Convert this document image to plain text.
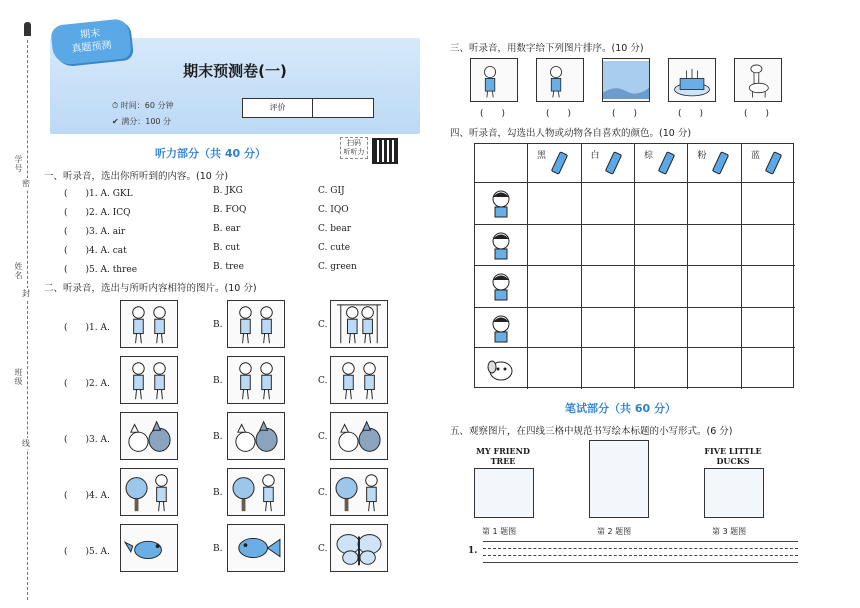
学号
姓名
班级
密
封
线
期末预测卷(一)
⏱ 时间：60 分钟
✔ 满分：100 分
评价
期末
真题预测
听力部分（共 40 分）
扫码
听听力
一、听录音，选出你所听到的内容。(10 分)
(　　)1. A. GKL	B. JKG	C. GIJ
(　　)2. A. ICQ	B. FOQ	C. IQO
(　　)3. A. air	B. ear	C. bear
(　　)4. A. cat	B. cut	C. cute
(　　)5. A. three	B. tree	C. green
二、听录音，选出与所听内容相符的图片。(10 分)
(　　)1. A.	B.	C.
(　　)2. A.	B.	C.
(　　)3. A.	B.	C.
(　　)4. A.	B.	C.
(　　)5. A.	B.	C.
三、听录音，用数字给下列图片排序。(10 分)
(　　)	(　　)	(　　)	(　　)	(　　)
四、听录音，勾选出人物或动物各自喜欢的颜色。(10 分)
黑	白	棕	粉	蓝
笔试部分（共 60 分）
五、观察图片，在四线三格中规范书写绘本标题的小写形式。(6 分)
MY FRIEND
TREE
第 1 题图	第 2 题图
FIVE LITTLE
DUCKS
第 3 题图
1.
